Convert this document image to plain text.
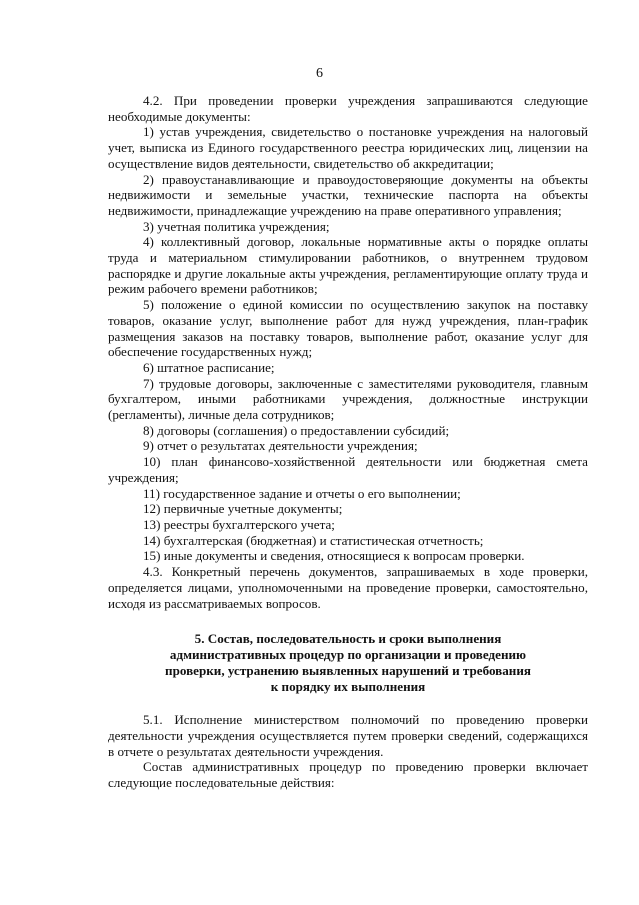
6

4.2. При проведении проверки учреждения запрашиваются следующие необходимые документы:

1) устав учреждения, свидетельство о постановке учреждения на налоговый учет, выписка из Единого государственного реестра юридических лиц, лицензии на осуществление видов деятельности, свидетельство об аккредитации;

2) правоустанавливающие и правоудостоверяющие документы на объекты недвижимости и земельные участки, технические паспорта на объекты недвижимости, принадлежащие учреждению на праве оперативного управления;

3) учетная политика учреждения;

4) коллективный договор, локальные нормативные акты о порядке оплаты труда и материальном стимулировании работников, о внутреннем трудовом распорядке и другие локальные акты учреждения, регламентирующие оплату труда и режим рабочего времени работников;

5) положение о единой комиссии по осуществлению закупок на поставку товаров, оказание услуг, выполнение работ для нужд учреждения, план-график размещения заказов на поставку товаров, выполнение работ, оказание услуг для обеспечение государственных нужд;

6) штатное расписание;

7) трудовые договоры, заключенные с заместителями руководителя, главным бухгалтером, иными работниками учреждения, должностные инструкции (регламенты), личные дела сотрудников;

8) договоры (соглашения) о предоставлении субсидий;

9) отчет о результатах деятельности учреждения;

10) план финансово-хозяйственной деятельности или бюджетная смета учреждения;

11) государственное задание и отчеты о его выполнении;

12) первичные учетные документы;

13) реестры бухгалтерского учета;

14) бухгалтерская (бюджетная) и статистическая отчетность;

15) иные документы и сведения, относящиеся к вопросам проверки.

4.3. Конкретный перечень документов, запрашиваемых в ходе проверки, определяется лицами, уполномоченными на проведение проверки, самостоятельно, исходя из рассматриваемых вопросов.

5. Состав, последовательность и сроки выполнения
административных процедур по организации и проведению
проверки, устранению выявленных нарушений и требования
к порядку их выполнения

5.1. Исполнение министерством полномочий по проведению проверки деятельности учреждения осуществляется путем проверки сведений, содержащихся в отчете о результатах деятельности учреждения.

Состав административных процедур по проведению проверки включает следующие последовательные действия:
